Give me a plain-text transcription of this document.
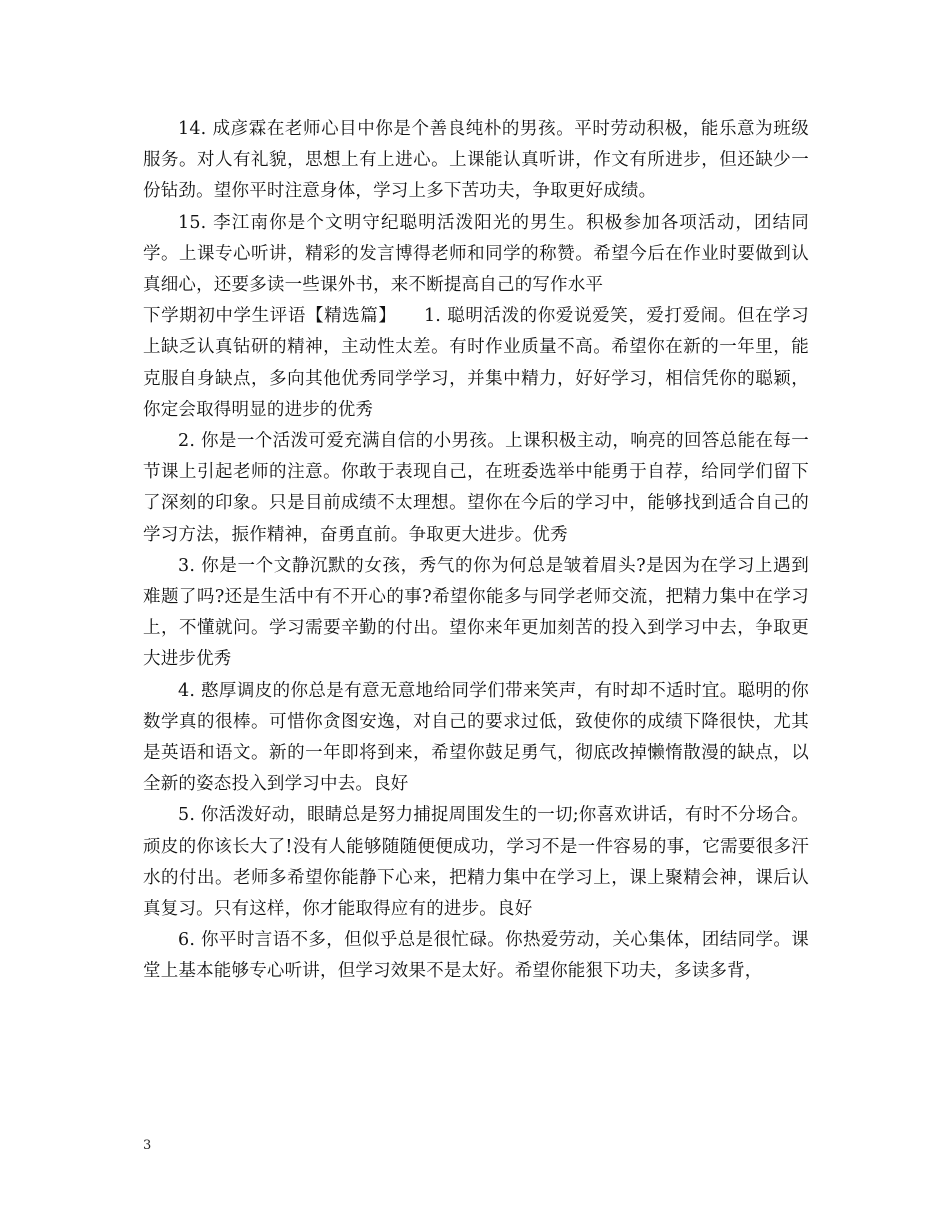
14. 成彦霖在老师心目中你是个善良纯朴的男孩。平时劳动积极，能乐意为班级服务。对人有礼貌，思想上有上进心。上课能认真听讲，作文有所进步，但还缺少一份钻劲。望你平时注意身体，学习上多下苦功夫，争取更好成绩。

15. 李江南你是个文明守纪聪明活泼阳光的男生。积极参加各项活动，团结同学。上课专心听讲，精彩的发言博得老师和同学的称赞。希望今后在作业时要做到认真细心，还要多读一些课外书，来不断提高自己的写作水平

下学期初中学生评语【精选篇】　　1. 聪明活泼的你爱说爱笑，爱打爱闹。但在学习上缺乏认真钻研的精神，主动性太差。有时作业质量不高。希望你在新的一年里，能克服自身缺点，多向其他优秀同学学习，并集中精力，好好学习，相信凭你的聪颖，你定会取得明显的进步的优秀

2. 你是一个活泼可爱充满自信的小男孩。上课积极主动，响亮的回答总能在每一节课上引起老师的注意。你敢于表现自己，在班委选举中能勇于自荐，给同学们留下了深刻的印象。只是目前成绩不太理想。望你在今后的学习中，能够找到适合自己的学习方法，振作精神，奋勇直前。争取更大进步。优秀

3. 你是一个文静沉默的女孩，秀气的你为何总是皱着眉头?是因为在学习上遇到难题了吗?还是生活中有不开心的事?希望你能多与同学老师交流，把精力集中在学习上，不懂就问。学习需要辛勤的付出。望你来年更加刻苦的投入到学习中去，争取更大进步优秀

4. 憨厚调皮的你总是有意无意地给同学们带来笑声，有时却不适时宜。聪明的你数学真的很棒。可惜你贪图安逸，对自己的要求过低，致使你的成绩下降很快，尤其是英语和语文。新的一年即将到来，希望你鼓足勇气，彻底改掉懒惰散漫的缺点，以全新的姿态投入到学习中去。良好

5. 你活泼好动，眼睛总是努力捕捉周围发生的一切;你喜欢讲话，有时不分场合。顽皮的你该长大了!没有人能够随随便便成功，学习不是一件容易的事，它需要很多汗水的付出。老师多希望你能静下心来，把精力集中在学习上，课上聚精会神，课后认真复习。只有这样，你才能取得应有的进步。良好

6. 你平时言语不多，但似乎总是很忙碌。你热爱劳动，关心集体，团结同学。课堂上基本能够专心听讲，但学习效果不是太好。希望你能狠下功夫，多读多背，

3
